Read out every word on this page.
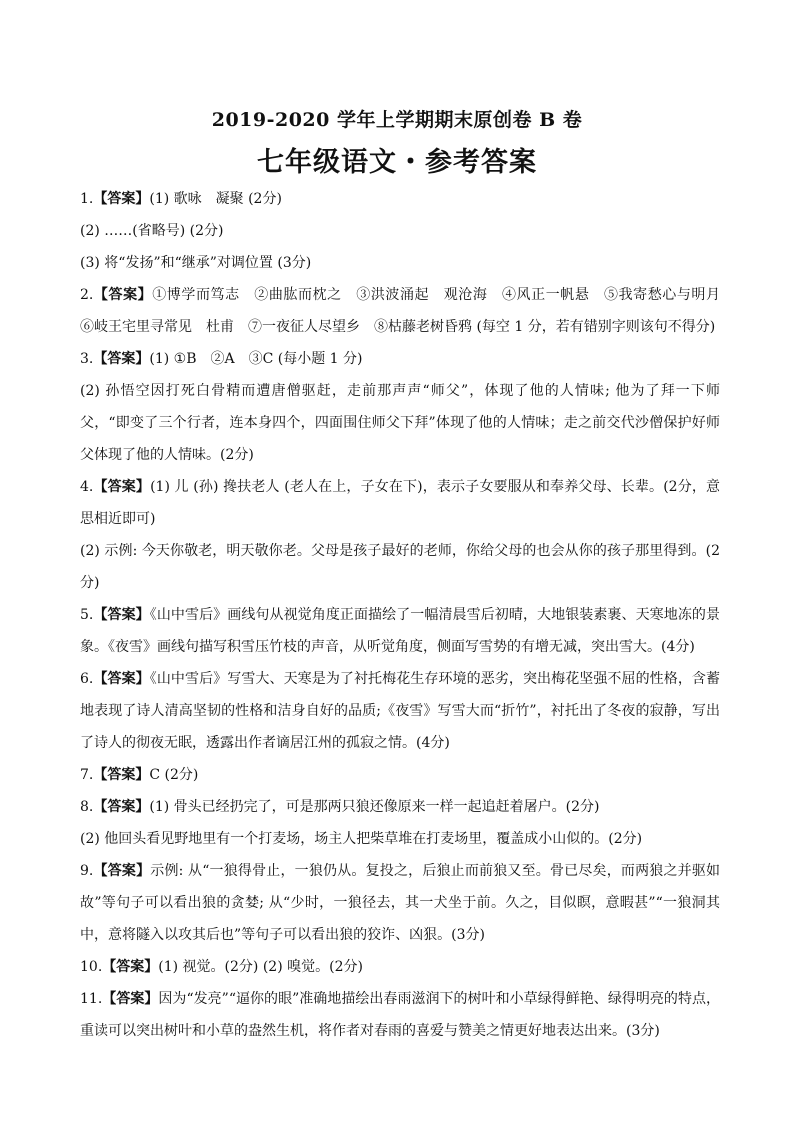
2019-2020 学年上学期期末原创卷 B 卷
七年级语文・参考答案

1.【答案】(1) 歌咏　凝聚 (2分)

(2) ……(省略号) (2分)

(3) 将“发扬”和“继承”对调位置 (3分)

2.【答案】①博学而笃志　②曲肱而枕之　③洪波涌起　观沧海　④风正一帆悬　⑤我寄愁心与明月　⑥岐王宅里寻常见　杜甫　⑦一夜征人尽望乡　⑧枯藤老树昏鸦 (每空 1 分，若有错别字则该句不得分)

3.【答案】(1) ①B　②A　③C (每小题 1 分)

(2) 孙悟空因打死白骨精而遭唐僧驱赶，走前那声声“师父”，体现了他的人情味; 他为了拜一下师父，“即变了三个行者，连本身四个，四面围住师父下拜”体现了他的人情味；走之前交代沙僧保护好师父体现了他的人情味。(2分)

4.【答案】(1) 儿 (孙) 搀扶老人 (老人在上，子女在下)，表示子女要服从和奉养父母、长辈。(2分，意思相近即可)

(2) 示例: 今天你敬老，明天敬你老。父母是孩子最好的老师，你给父母的也会从你的孩子那里得到。(2分)

5.【答案】《山中雪后》画线句从视觉角度正面描绘了一幅清晨雪后初晴，大地银装素裹、天寒地冻的景象。《夜雪》画线句描写积雪压竹枝的声音，从听觉角度，侧面写雪势的有增无减，突出雪大。(4分)

6.【答案】《山中雪后》写雪大、天寒是为了衬托梅花生存环境的恶劣，突出梅花坚强不屈的性格，含蓄地表现了诗人清高坚韧的性格和洁身自好的品质;《夜雪》写雪大而“折竹”，衬托出了冬夜的寂静，写出了诗人的彻夜无眠，透露出作者谪居江州的孤寂之情。(4分)

7.【答案】C (2分)

8.【答案】(1) 骨头已经扔完了，可是那两只狼还像原来一样一起追赶着屠户。(2分)

(2) 他回头看见野地里有一个打麦场，场主人把柴草堆在打麦场里，覆盖成小山似的。(2分)

9.【答案】示例: 从“一狼得骨止，一狼仍从。复投之，后狼止而前狼又至。骨已尽矣，而两狼之并驱如故”等句子可以看出狼的贪婪; 从“少时，一狼径去，其一犬坐于前。久之，目似瞑，意暇甚”“一狼洞其中，意将隧入以攻其后也”等句子可以看出狼的狡诈、凶狠。(3分)

10.【答案】(1) 视觉。(2分) (2) 嗅觉。(2分)

11.【答案】因为“发亮”“逼你的眼”准确地描绘出春雨滋润下的树叶和小草绿得鲜艳、绿得明亮的特点，重读可以突出树叶和小草的盎然生机，将作者对春雨的喜爱与赞美之情更好地表达出来。(3分)
